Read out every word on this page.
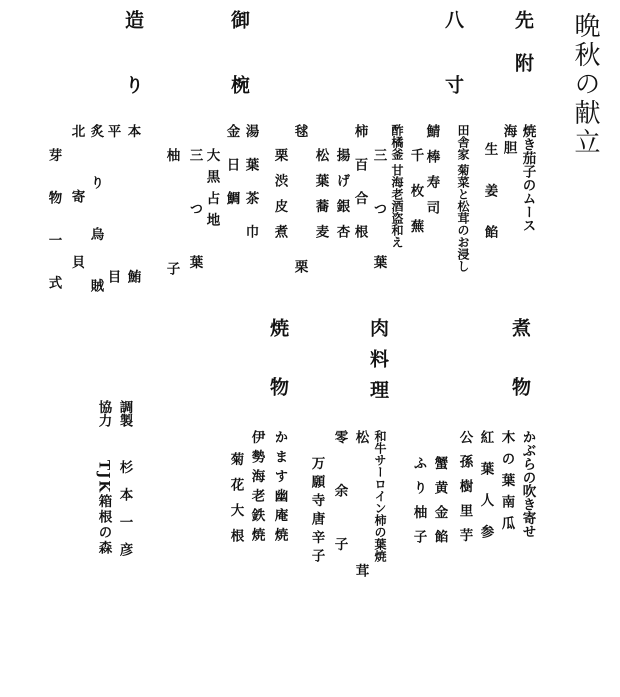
晩秋の献立
先附
焼き茄子のムース
海胆
生姜餡
八寸
田舎家 菊菜と松茸のお浸し
鯖棒寿司
千枚蕪
酢橘釜 甘海老酒盗和え
三つ葉
柿百合根
揚げ銀杏
松葉蕎麦
毬栗
栗渋皮煮
湯葉茶巾
金日鯛
大黒占地
三つ葉
柚子
御椀
造り
本鮪
平目
炙り烏賊
北寄貝
芽物一式
煮物
かぶらの吹き寄せ
木の葉南瓜
紅葉人参
公孫樹里芋
蟹黄金餡
ふり柚子
肉料理
和牛サーロイン柿の葉焼
松茸
零余子
万願寺唐辛子
焼物
かます幽庵焼
伊勢海老鉄焼
菊花大根
調製
杉本一彦
協力
TJK箱根の森
